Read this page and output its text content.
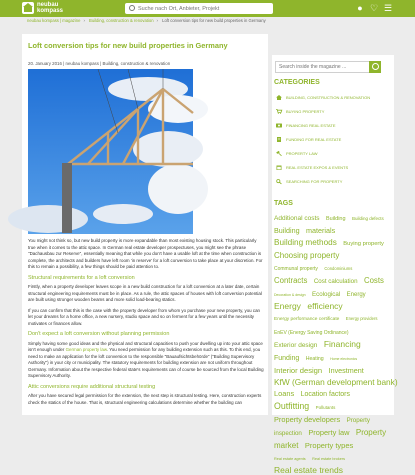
neubau
kompass
Suche nach Ort, Anbieter, Projekt	● ♡ ☰
neubau kompass | magazine › Building, construction & renovation › Loft conversion tips for new build properties in Germany
Loft conversion tips for new build properties in Germany
20. January 2016 | neubau kompass | Building, construction & renovation

You might not think so, but new build property is more expandable than most existing housing stock. This particularly true when it comes to the attic space. In German real estate developer prospectuses, you might see the phrase "Dachausbau zur Reserve", essentially meaning that while you don't have a usable loft at the time when construction is complete, the architects and builders have left room 'in reserve' for a loft conversion to take place at your discretion. For this to remain a possibility, a few things should be paid attention to.

Structural requirements for a loft conversion

Firstly, when a property developer leaves scope in a new build construction for a loft conversion at a later date, certain structural engineering requirements must be in place. As a rule, the attic spaces of houses with loft conversion potential are built using stronger wooden beams and more solid load-bearing statics.

If you can confirm that this is the case with the property developer from whom yo purchase your new property, you can let your dreams for a home office, a new nursery, studio space and so on ferment for a few years until the necessity motivates or finances allow.

Don't expect a loft conversion without planning permission

Simply having some good ideas and the physical and structural capacities to push your dwelling up into your attic space isn't enough under German property law. You need permission for any building extension such as this. To this end, you need to make an application for the loft conversion to the responsible "Bauaufsichtsbehörde" ("Building Supervisory Authority") in your city or municipality. The statutory requirements for building extension are not uniform throughout Germany. Information about the respective federal state's requirements can of course be sourced from the local Building Supervisory Authority.

Attic conversions require additional structural testing

After you have secured legal permission for the extension, the next step is structural testing. Here, construction experts check the statics of the house. That is, structural engineering calculations determine whether the building can

Search inside the magazine ...
CATEGORIES
BUILDING, CONSTRUCTION & RENOVATION
BUYING PROPERTY
FINANCING REAL ESTATE
FUNDING FOR REAL ESTATE
PROPERTY LAW
REAL ESTATE EXPOS & EVENTS
SEARCHING FOR PROPERTY
TAGS
Additional costs Building Building defects Building materials Building methods Buying property Choosing property Communal property Condominiums Contracts Cost calculation Costs Decoration & design Ecological Energy Energy efficiency Energy performance certificate Energy providers EnEV (Energy Saving Ordinance) Exterior design Financing Funding Heating Home electronics Interior design Investment KfW (German development bank) Loans Location factors Outfitting Pollutants Property developers Property inspection Property law Property market Property types Real estate agents Real estate brokers Real estate trends
